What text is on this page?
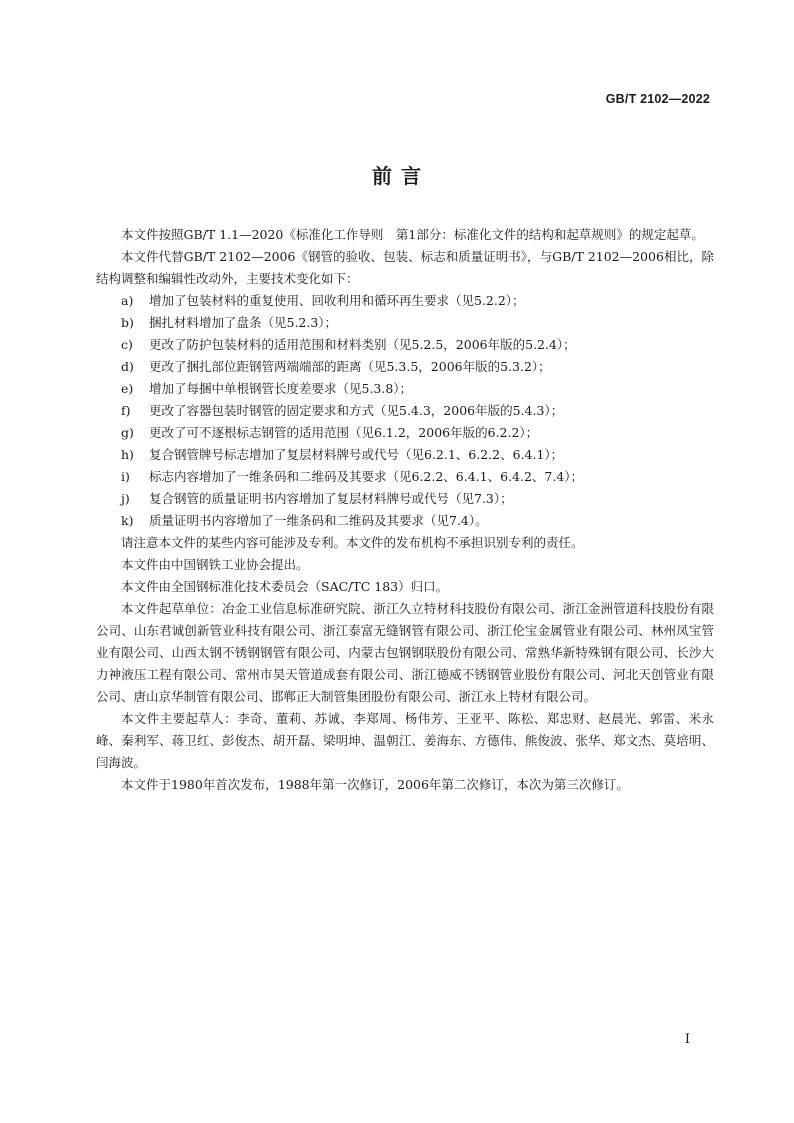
GB/T 2102—2022
前 言

本文件按照GB/T 1.1—2020《标准化工作导则　第1部分：标准化文件的结构和起草规则》的规定起草。

本文件代替GB/T 2102—2006《钢管的验收、包装、标志和质量证明书》，与GB/T 2102—2006相比，除结构调整和编辑性改动外，主要技术变化如下：

a)	增加了包装材料的重复使用、回收利用和循环再生要求（见5.2.2）；
b)	捆扎材料增加了盘条（见5.2.3）；
c)	更改了防护包装材料的适用范围和材料类别（见5.2.5，2006年版的5.2.4）；
d)	更改了捆扎部位距钢管两端端部的距离（见5.3.5，2006年版的5.3.2）；
e)	增加了每捆中单根钢管长度差要求（见5.3.8）；
f)	更改了容器包装时钢管的固定要求和方式（见5.4.3，2006年版的5.4.3）；
g)	更改了可不逐根标志钢管的适用范围（见6.1.2，2006年版的6.2.2）；
h)	复合钢管牌号标志增加了复层材料牌号或代号（见6.2.1、6.2.2、6.4.1）；
i)	标志内容增加了一维条码和二维码及其要求（见6.2.2、6.4.1、6.4.2、7.4）；
j)	复合钢管的质量证明书内容增加了复层材料牌号或代号（见7.3）；
k)	质量证明书内容增加了一维条码和二维码及其要求（见7.4）。

请注意本文件的某些内容可能涉及专利。本文件的发布机构不承担识别专利的责任。

本文件由中国钢铁工业协会提出。

本文件由全国钢标准化技术委员会（SAC/TC 183）归口。

本文件起草单位：冶金工业信息标准研究院、浙江久立特材科技股份有限公司、浙江金洲管道科技股份有限公司、山东君诚创新管业科技有限公司、浙江泰富无缝钢管有限公司、浙江伦宝金属管业有限公司、林州凤宝管业有限公司、山西太钢不锈钢钢管有限公司、内蒙古包钢钢联股份有限公司、常熟华新特殊钢有限公司、长沙大力神液压工程有限公司、常州市昊天管道成套有限公司、浙江德威不锈钢管业股份有限公司、河北天创管业有限公司、唐山京华制管有限公司、邯郸正大制管集团股份有限公司、浙江永上特材有限公司。

本文件主要起草人：李奇、董莉、苏诚、李郑周、杨伟芳、王亚平、陈松、郑忠财、赵晨光、郭雷、米永峰、秦利军、蒋卫红、彭俊杰、胡开磊、梁明坤、温朝江、姜海东、方德伟、熊俊波、张华、郑文杰、莫培明、闫海波。

本文件于1980年首次发布，1988年第一次修订，2006年第二次修订，本次为第三次修订。

I
